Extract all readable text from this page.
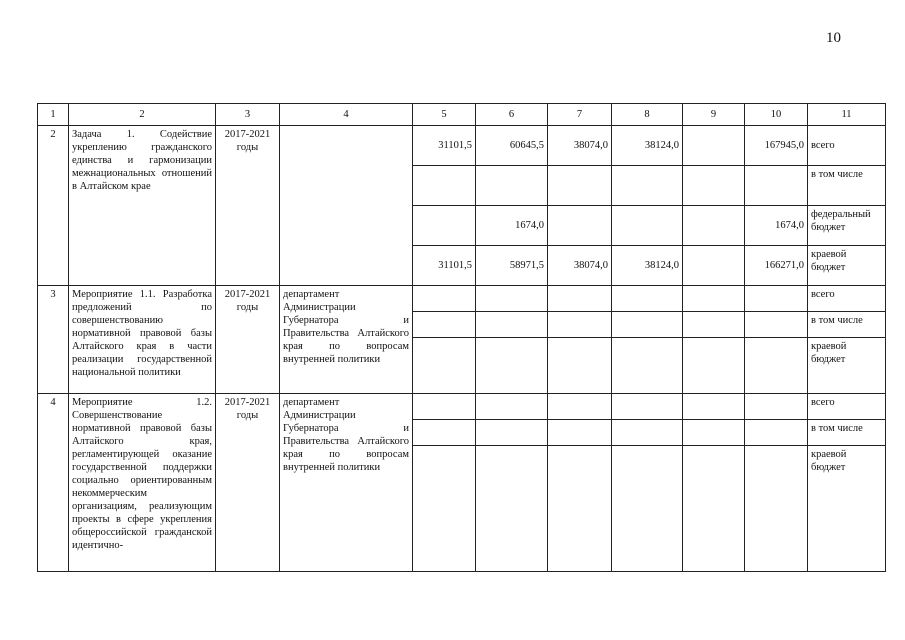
10
1	2	3	4	5	6	7	8	9	10	11
2	Задача 1. Содействие укреплению гражданского единства и гармонизации межнациональных отношений в Алтайском крае	2017-2021 годы		31101,5	60645,5	38074,0	38124,0		167945,0	всего
										в том числе
					1674,0				1674,0	федеральный бюджет
				31101,5	58971,5	38074,0	38124,0		166271,0	краевой бюджет
3	Мероприятие 1.1. Разработка предложений по совершенствованию нормативной правовой базы Алтайского края в части реализации государственной национальной политики	2017-2021 годы	департамент Администрации Губернатора и Правительства Алтайского края по вопросам внутренней политики							всего
										в том числе
										краевой бюджет
4	Мероприятие 1.2. Совершенствование нормативной правовой базы Алтайского края, регламентирующей оказание государственной поддержки социально ориентированным некоммерческим организациям, реализующим проекты в сфере укрепления общероссийской гражданской идентично-	2017-2021 годы	департамент Администрации Губернатора и Правительства Алтайского края по вопросам внутренней политики							всего
										в том числе
										краевой бюджет
